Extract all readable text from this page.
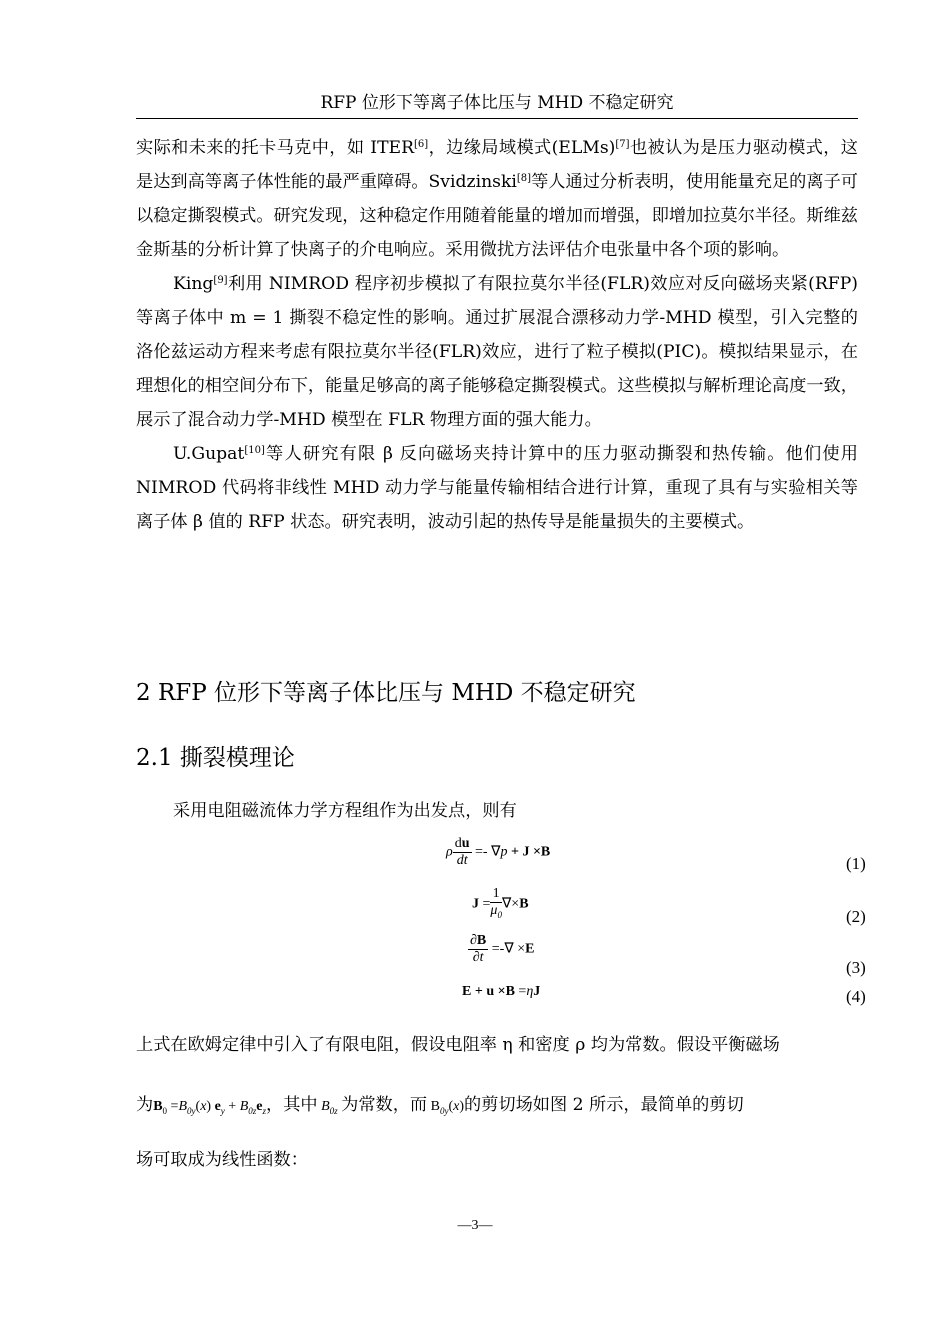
RFP 位形下等离子体比压与 MHD 不稳定研究

实际和未来的托卡马克中，如 ITER[6]，边缘局域模式(ELMs)[7]也被认为是压力驱动模式，这是达到高等离子体性能的最严重障碍。Svidzinski[8]等人通过分析表明，使用能量充足的离子可以稳定撕裂模式。研究发现，这种稳定作用随着能量的增加而增强，即增加拉莫尔半径。斯维兹金斯基的分析计算了快离子的介电响应。采用微扰方法评估介电张量中各个项的影响。

King[9]利用 NIMROD 程序初步模拟了有限拉莫尔半径(FLR)效应对反向磁场夹紧(RFP)等离子体中 m = 1 撕裂不稳定性的影响。通过扩展混合漂移动力学-MHD 模型，引入完整的洛伦兹运动方程来考虑有限拉莫尔半径(FLR)效应，进行了粒子模拟(PIC)。模拟结果显示，在理想化的相空间分布下，能量足够高的离子能够稳定撕裂模式。这些模拟与解析理论高度一致，展示了混合动力学-MHD 模型在 FLR 物理方面的强大能力。

U.Gupat[10]等人研究有限 β 反向磁场夹持计算中的压力驱动撕裂和热传输。他们使用 NIMROD 代码将非线性 MHD 动力学与能量传输相结合进行计算，重现了具有与实验相关等离子体 β 值的 RFP 状态。研究表明，波动引起的热传导是能量损失的主要模式。

2 RFP 位形下等离子体比压与 MHD 不稳定研究
2.1 撕裂模理论

采用电阻磁流体力学方程组作为出发点，则有

ρ $\frac{du}{dt} =- \nabla p + J \times B$
(1)
$J = \frac{1}{\mu_0} \nabla\times B$
(2)
$\frac{\partial B}{\partial t}$ =-∇ ×E
(3)
E + u ×B =ηJ	(4)

上式在欧姆定律中引入了有限电阻，假设电阻率 η 和密度 ρ 均为常数。假设平衡磁场

为$B_0 =B_{0y}(x) e_y + B_{0z}e_z$，其中 $B_{0z}$ 为常数，而 $B_{0y}(x)$的剪切场如图 2 所示，最简单的剪切

场可取成为线性函数：

—3—
